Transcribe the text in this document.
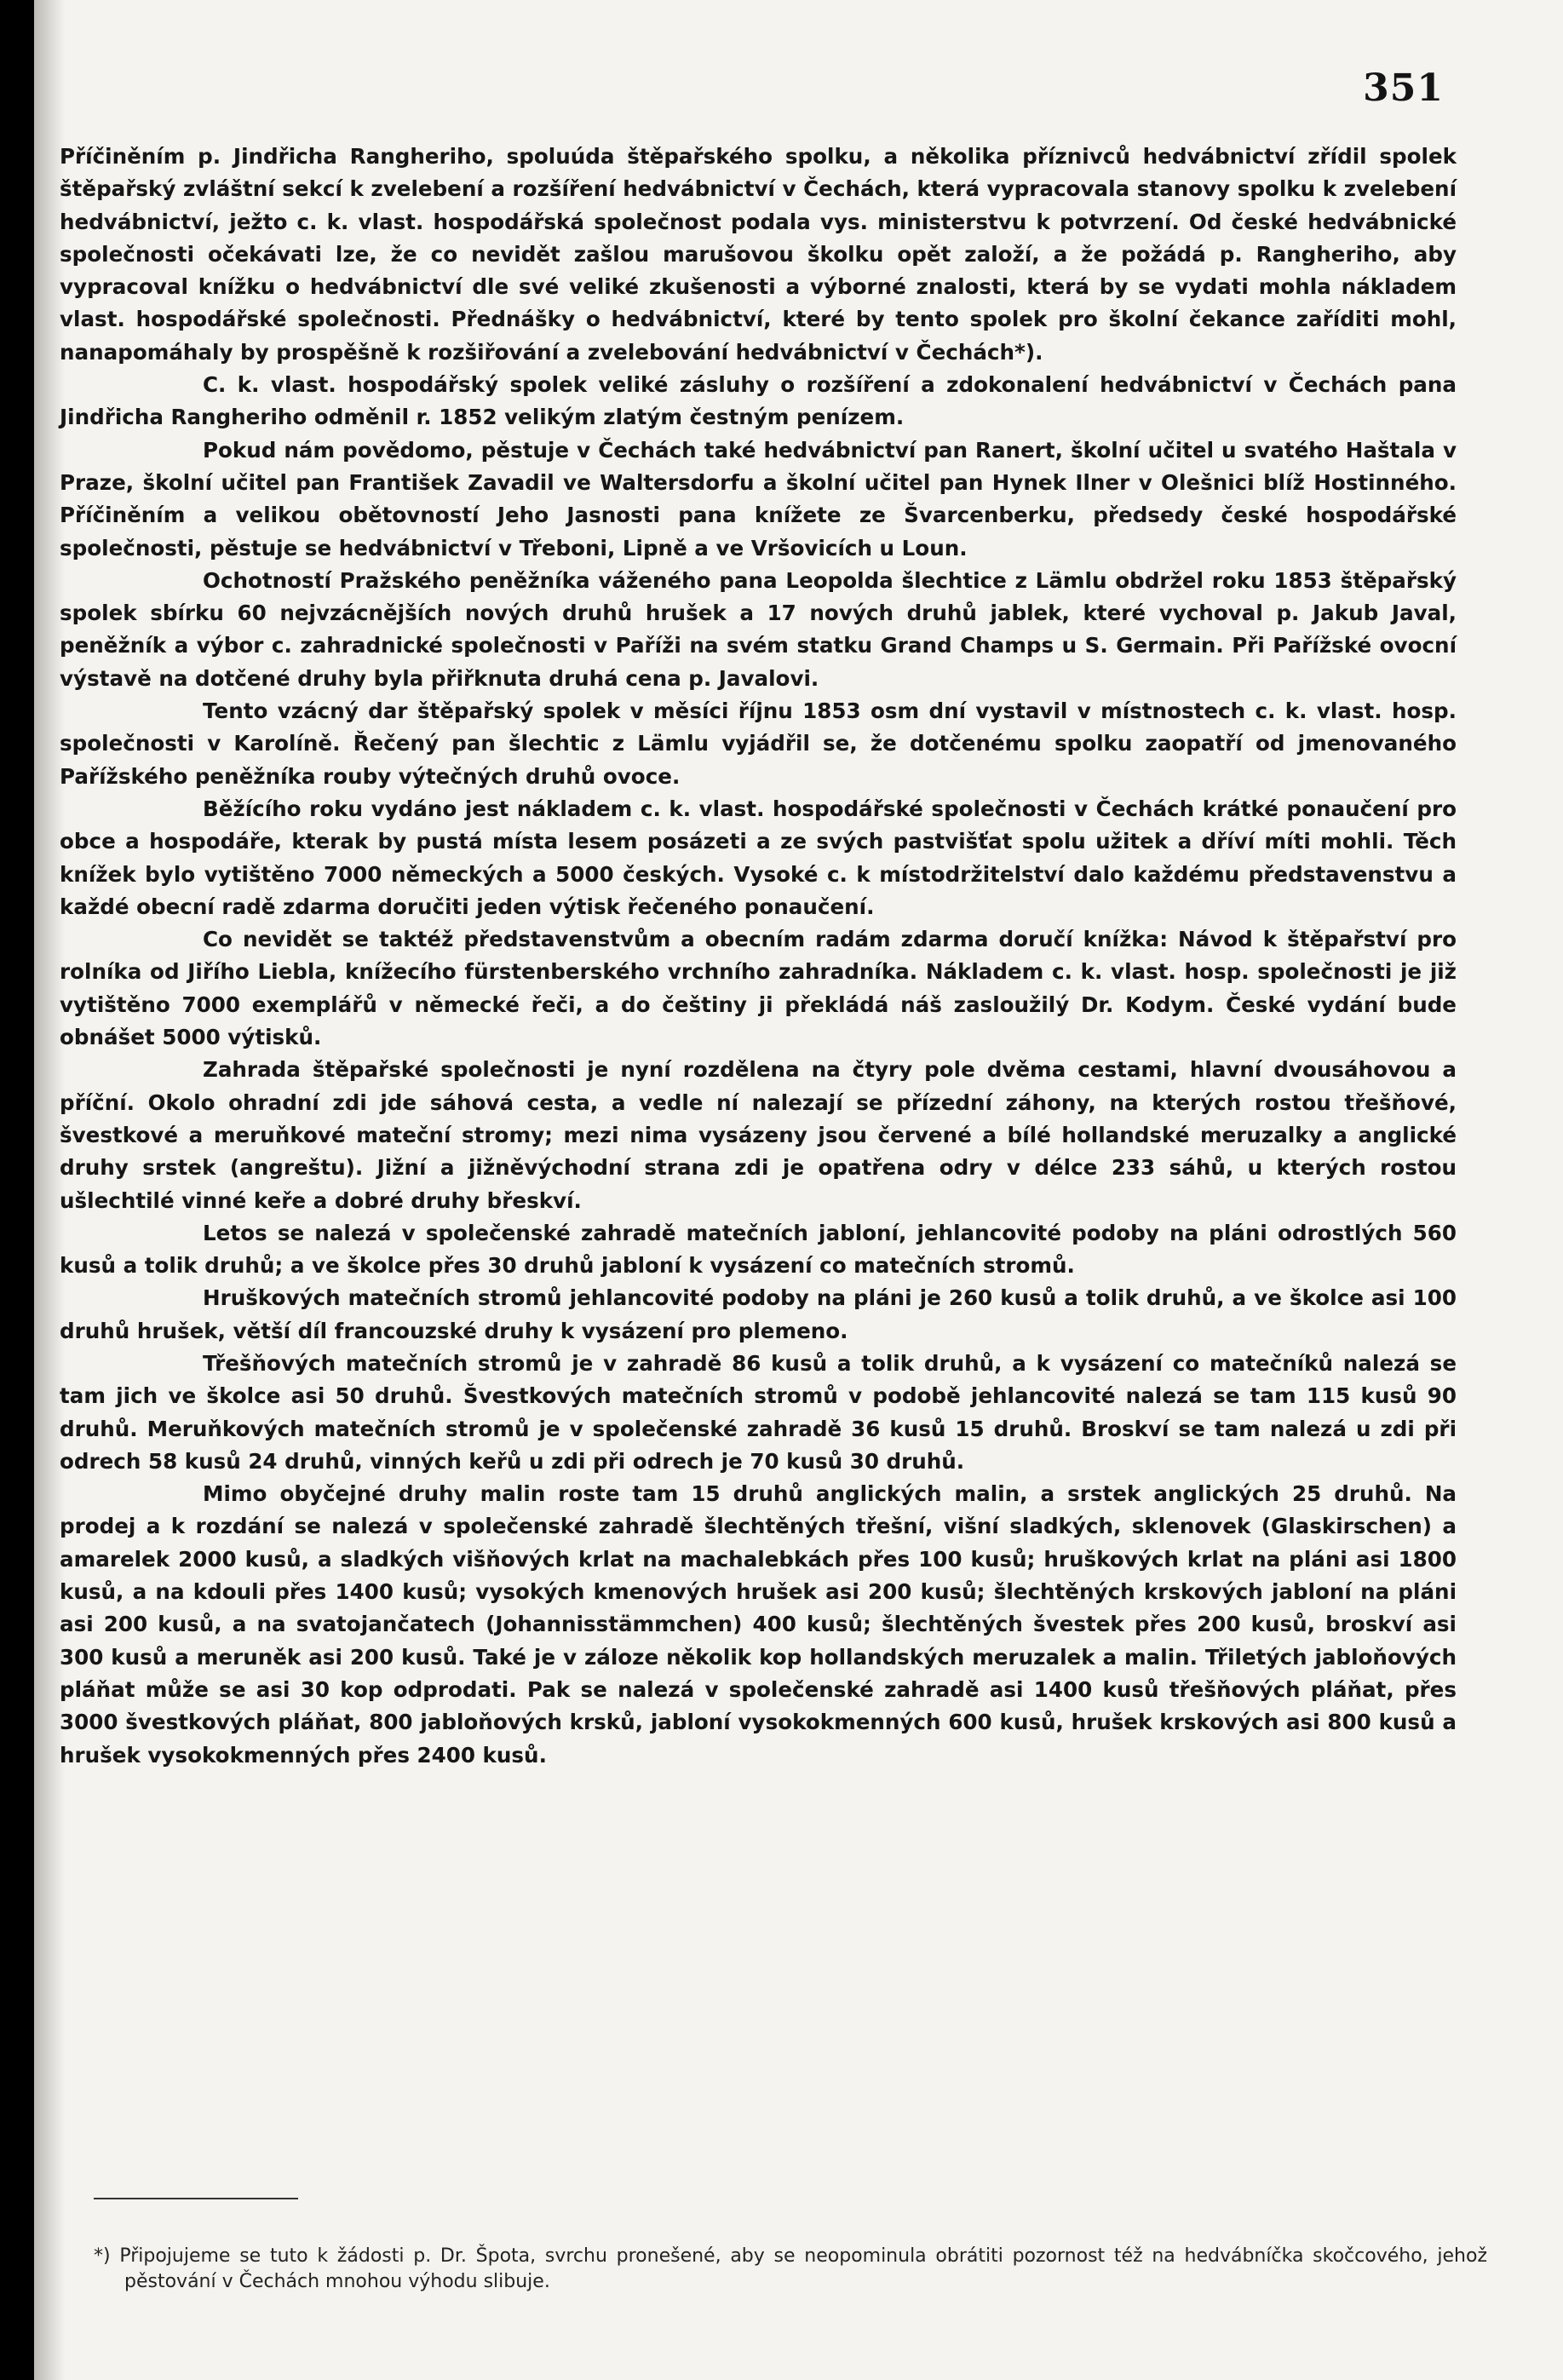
351

Příčiněním p. Jindřicha Rangheriho, spoluúda štěpařského spolku, a několika příznivců hedvábnictví zřídil spolek štěpařský zvláštní sekcí k zvelebení a rozšíření hedvábnictví v Čechách, která vypracovala stanovy spolku k zvelebení hedvábnictví, ježto c. k. vlast. hospodářská společnost podala vys. ministerstvu k potvrzení. Od české hedvábnické společnosti očekávati lze, že co nevidět zašlou marušovou školku opět založí, a že požádá p. Rangheriho, aby vypracoval knížku o hedvábnictví dle své veliké zkušenosti a výborné znalosti, která by se vydati mohla nákladem vlast. hospodářské společnosti. Přednášky o hedvábnictví, které by tento spolek pro školní čekance zaříditi mohl, nanapomáhaly by prospěšně k rozšiřování a zvelebování hedvábnictví v Čechách*).

C. k. vlast. hospodářský spolek veliké zásluhy o rozšíření a zdokonalení hedvábnictví v Čechách pana Jindřicha Rangheriho odměnil r. 1852 velikým zlatým čestným penízem.

Pokud nám povědomo, pěstuje v Čechách také hedvábnictví pan Ranert, školní učitel u svatého Haštala v Praze, školní učitel pan František Zavadil ve Waltersdorfu a školní učitel pan Hynek Ilner v Olešnici blíž Hostinného. Příčiněním a velikou obětovností Jeho Jasnosti pana knížete ze Švarcenberku, předsedy české hospodářské společnosti, pěstuje se hedvábnictví v Třeboni, Lipně a ve Vršovicích u Loun.

Ochotností Pražského peněžníka váženého pana Leopolda šlechtice z Lämlu obdržel roku 1853 štěpařský spolek sbírku 60 nejvzácnějších nových druhů hrušek a 17 nových druhů jablek, které vychoval p. Jakub Javal, peněžník a výbor c. zahradnické společnosti v Paříži na svém statku Grand Champs u S. Germain. Při Pařížské ovocní výstavě na dotčené druhy byla přiřknuta druhá cena p. Javalovi.

Tento vzácný dar štěpařský spolek v měsíci říjnu 1853 osm dní vystavil v místnostech c. k. vlast. hosp. společnosti v Karolíně. Řečený pan šlechtic z Lämlu vyjádřil se, že dotčenému spolku zaopatří od jmenovaného Pařížského peněžníka rouby výtečných druhů ovoce.

Běžícího roku vydáno jest nákladem c. k. vlast. hospodářské společnosti v Čechách krátké ponaučení pro obce a hospodáře, kterak by pustá místa lesem posázeti a ze svých pastvišťat spolu užitek a dříví míti mohli. Těch knížek bylo vytištěno 7000 německých a 5000 českých. Vysoké c. k místodržitelství dalo každému představenstvu a každé obecní radě zdarma doručiti jeden výtisk řečeného ponaučení.

Co nevidět se taktéž představenstvům a obecním radám zdarma doručí knížka: Návod k štěpařství pro rolníka od Jiřího Liebla, knížecího fürstenberského vrchního zahradníka. Nákladem c. k. vlast. hosp. společnosti je již vytištěno 7000 exemplářů v německé řeči, a do češtiny ji překládá náš zasloužilý Dr. Kodym. České vydání bude obnášet 5000 výtisků.

Zahrada štěpařské společnosti je nyní rozdělena na čtyry pole dvěma cestami, hlavní dvousáhovou a příční. Okolo ohradní zdi jde sáhová cesta, a vedle ní nalezají se přízední záhony, na kterých rostou třešňové, švestkové a meruňkové mateční stromy; mezi nima vysázeny jsou červené a bílé hollandské meruzalky a anglické druhy srstek (angreštu). Jižní a jižněvýchodní strana zdi je opatřena odry v délce 233 sáhů, u kterých rostou ušlechtilé vinné keře a dobré druhy břeskví.

Letos se nalezá v společenské zahradě matečních jabloní, jehlancovité podoby na pláni odrostlých 560 kusů a tolik druhů; a ve školce přes 30 druhů jabloní k vysázení co matečních stromů.

Hruškových matečních stromů jehlancovité podoby na pláni je 260 kusů a tolik druhů, a ve školce asi 100 druhů hrušek, větší díl francouzské druhy k vysázení pro plemeno.

Třešňových matečních stromů je v zahradě 86 kusů a tolik druhů, a k vysázení co matečníků nalezá se tam jich ve školce asi 50 druhů. Švestkových matečních stromů v podobě jehlancovité nalezá se tam 115 kusů 90 druhů. Meruňkových matečních stromů je v společenské zahradě 36 kusů 15 druhů. Broskví se tam nalezá u zdi při odrech 58 kusů 24 druhů, vinných keřů u zdi při odrech je 70 kusů 30 druhů.

Mimo obyčejné druhy malin roste tam 15 druhů anglických malin, a srstek anglických 25 druhů. Na prodej a k rozdání se nalezá v společenské zahradě šlechtěných třešní, višní sladkých, sklenovek (Glaskirschen) a amarelek 2000 kusů, a sladkých višňových krlat na machalebkách přes 100 kusů; hruškových krlat na pláni asi 1800 kusů, a na kdouli přes 1400 kusů; vysokých kmenových hrušek asi 200 kusů; šlechtěných krskových jabloní na pláni asi 200 kusů, a na svatojančatech (Johannisstämmchen) 400 kusů; šlechtěných švestek přes 200 kusů, broskví asi 300 kusů a meruněk asi 200 kusů. Také je v záloze několik kop hollandských meruzalek a malin. Třiletých jabloňových pláňat může se asi 30 kop odprodati. Pak se nalezá v společenské zahradě asi 1400 kusů třešňových pláňat, přes 3000 švestkových pláňat, 800 jabloňových krsků, jabloní vysokokmenných 600 kusů, hrušek krskových asi 800 kusů a hrušek vysokokmenných přes 2400 kusů.

*) Připojujeme se tuto k žádosti p. Dr. Špota, svrchu pronešené, aby se neopominula obrátiti pozornost též na hedvábníčka skočcového, jehož pěstování v Čechách mnohou výhodu slibuje.
